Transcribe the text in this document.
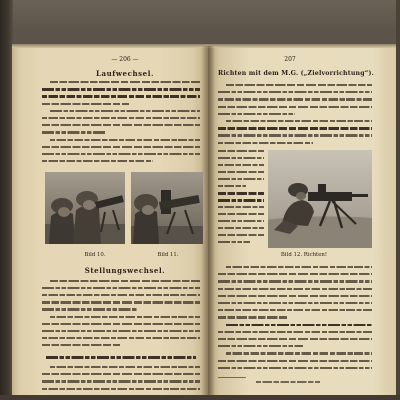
— 206 —
Laufwechsel.
Bild 10.	Bild 11.
Stellungswechsel.
207
Richten mit dem M.G. („Zielvorrichtung“).
Bild 12. Richten!
